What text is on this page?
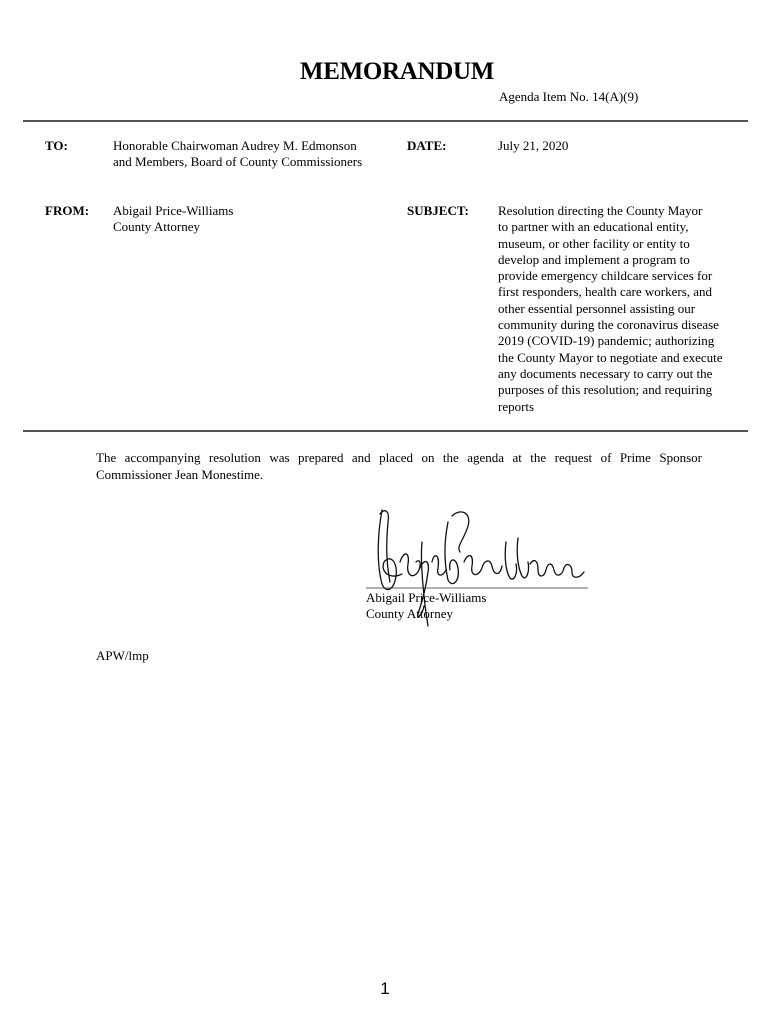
MEMORANDUM
Agenda Item No. 14(A)(9)
TO:	Honorable Chairwoman Audrey M. Edmonson
and Members, Board of County Commissioners
DATE:	July 21, 2020
FROM: Abigail Price-Williams
County Attorney
SUBJECT: Resolution directing the County Mayor
to partner with an educational entity,
museum, or other facility or entity to
develop and implement a program to
provide emergency childcare services for
first responders, health care workers, and
other essential personnel assisting our
community during the coronavirus disease
2019 (COVID-19) pandemic; authorizing
the County Mayor to negotiate and execute
any documents necessary to carry out the
purposes of this resolution; and requiring
reports
The accompanying resolution was prepared and placed on the agenda at the request of Prime Sponsor Commissioner Jean Monestime.
Abigail Price-Williams
County Attorney
APW/lmp
1
